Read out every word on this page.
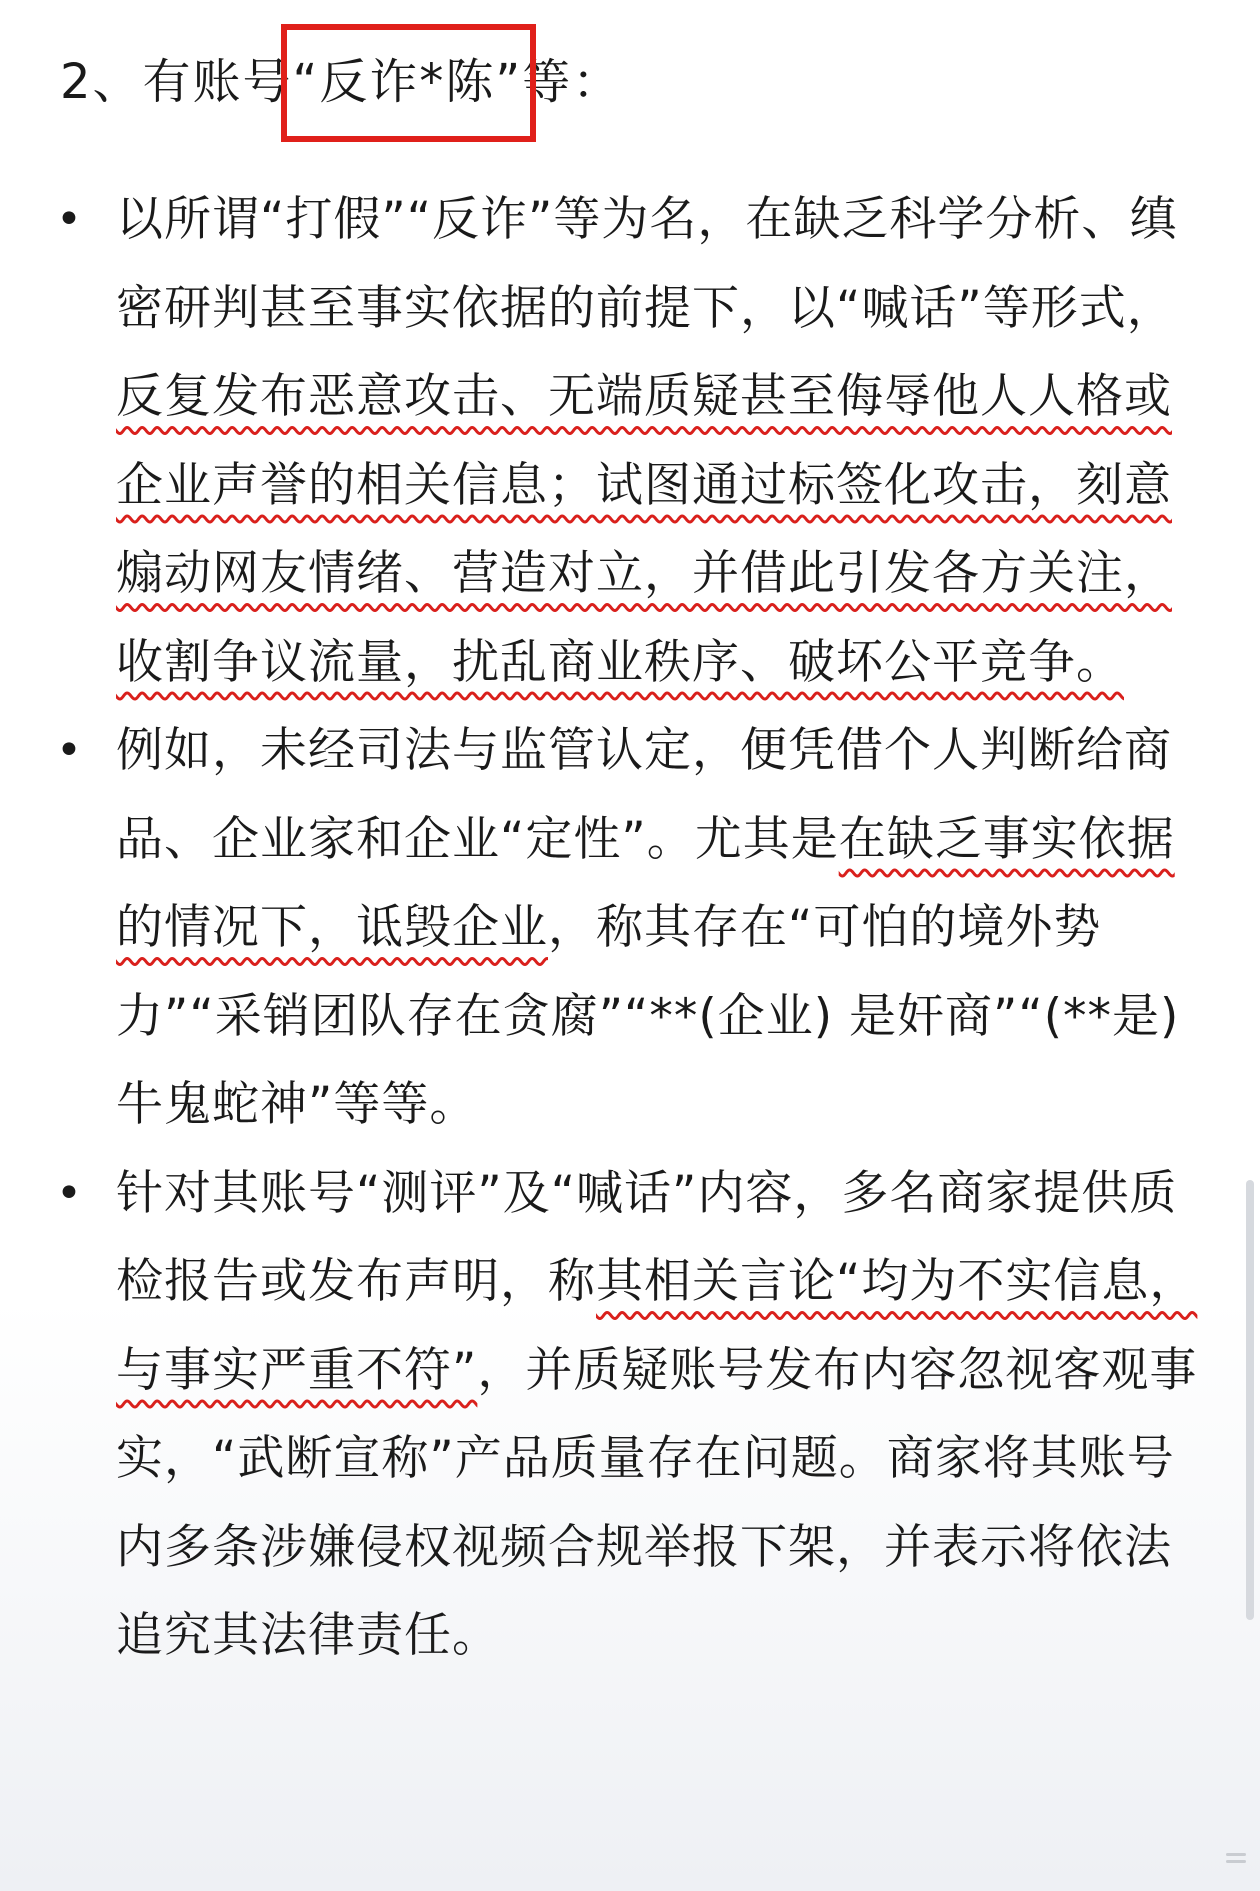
2、有账号“反诈*陈”等：
• 以所谓“打假”“反诈”等为名，在缺乏科学分析、缜密研判甚至事实依据的前提下，以“喊话”等形式，反复发布恶意攻击、无端质疑甚至侮辱他人人格或企业声誉的相关信息；试图通过标签化攻击，刻意煽动网友情绪、营造对立，并借此引发各方关注，收割争议流量，扰乱商业秩序、破坏公平竞争。

• 例如，未经司法与监管认定，便凭借个人判断给商品、企业家和企业“定性”。尤其是在缺乏事实依据的情况下，诋毁企业，称其存在“可怕的境外势力”“采销团队存在贪腐”“**(企业) 是奸商”“(**是) 牛鬼蛇神”等等。

• 针对其账号“测评”及“喊话”内容，多名商家提供质检报告或发布声明，称其相关言论“均为不实信息，与事实严重不符”，并质疑账号发布内容忽视客观事实，“武断宣称”产品质量存在问题。商家将其账号内多条涉嫌侵权视频合规举报下架，并表示将依法追究其法律责任。
